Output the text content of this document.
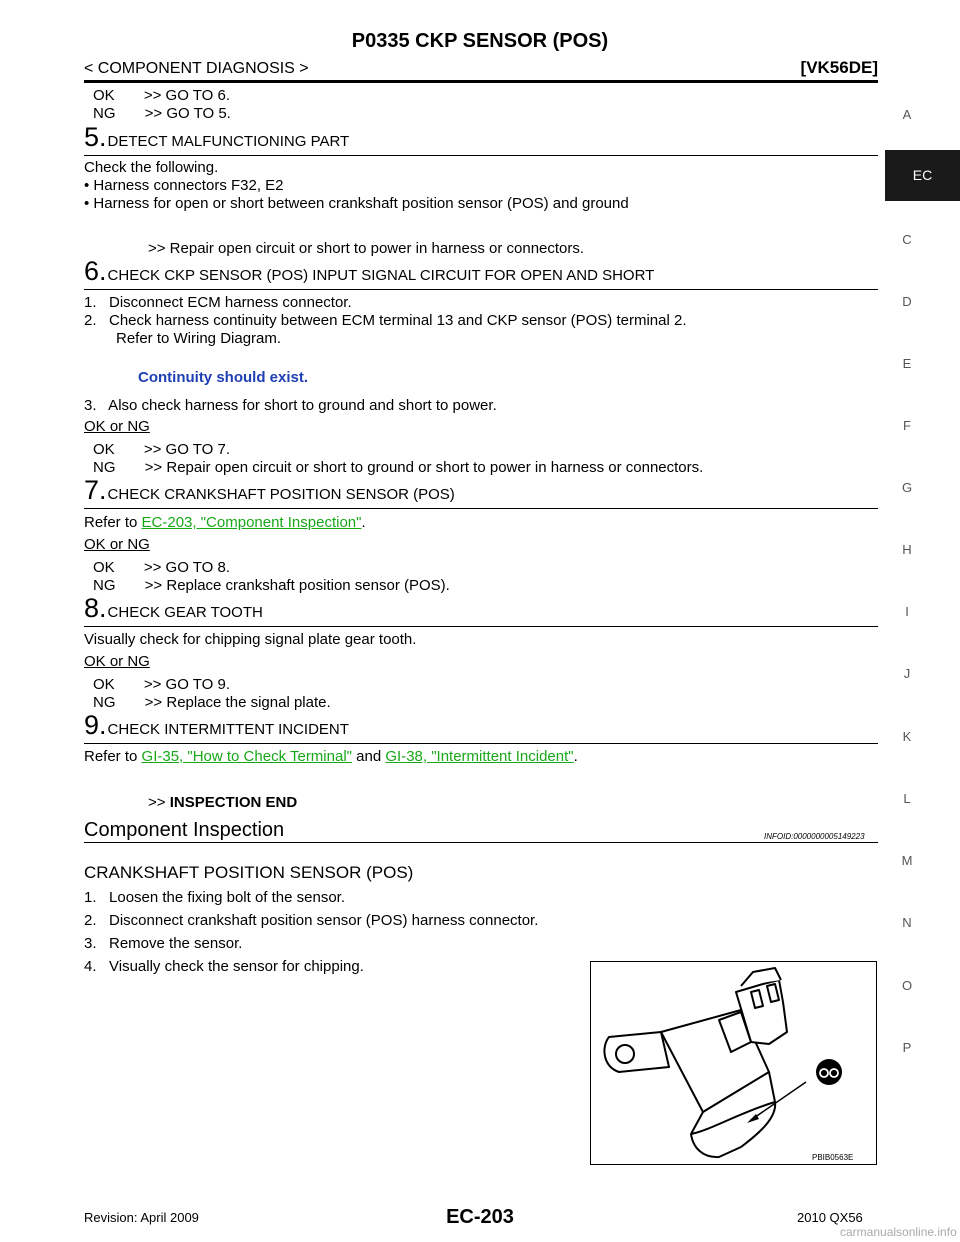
P0335 CKP SENSOR (POS)
< COMPONENT DIAGNOSIS >	[VK56DE]
EC
A
C
D
E
F
G
H
I
J
K
L
M
N
O
P
OK       >> GO TO 6.
NG       >> GO TO 5.
5.DETECT MALFUNCTIONING PART
Check the following.
• Harness connectors F32, E2
• Harness for open or short between crankshaft position sensor (POS) and ground
>> Repair open circuit or short to power in harness or connectors.
6.CHECK CKP SENSOR (POS) INPUT SIGNAL CIRCUIT FOR OPEN AND SHORT
1.   Disconnect ECM harness connector.
2.   Check harness continuity between ECM terminal 13 and CKP sensor (POS) terminal 2.
Refer to Wiring Diagram.
Continuity should exist.
3.   Also check harness for short to ground and short to power.
OK or NG
OK       >> GO TO 7.
NG       >> Repair open circuit or short to ground or short to power in harness or connectors.
7.CHECK CRANKSHAFT POSITION SENSOR (POS)
Refer to EC-203, "Component Inspection".
OK or NG
OK       >> GO TO 8.
NG       >> Replace crankshaft position sensor (POS).
8.CHECK GEAR TOOTH
Visually check for chipping signal plate gear tooth.
OK or NG
OK       >> GO TO 9.
NG       >> Replace the signal plate.
9.CHECK INTERMITTENT INCIDENT
Refer to GI-35, "How to Check Terminal" and GI-38, "Intermittent Incident".
>> INSPECTION END
Component Inspection	INFOID:0000000005149223
CRANKSHAFT POSITION SENSOR (POS)
1.   Loosen the fixing bolt of the sensor.
2.   Disconnect crankshaft position sensor (POS) harness connector.
3.   Remove the sensor.
4.   Visually check the sensor for chipping.
PBIB0563E
Revision: April 2009	EC-203	2010 QX56
carmanualsonline.info
